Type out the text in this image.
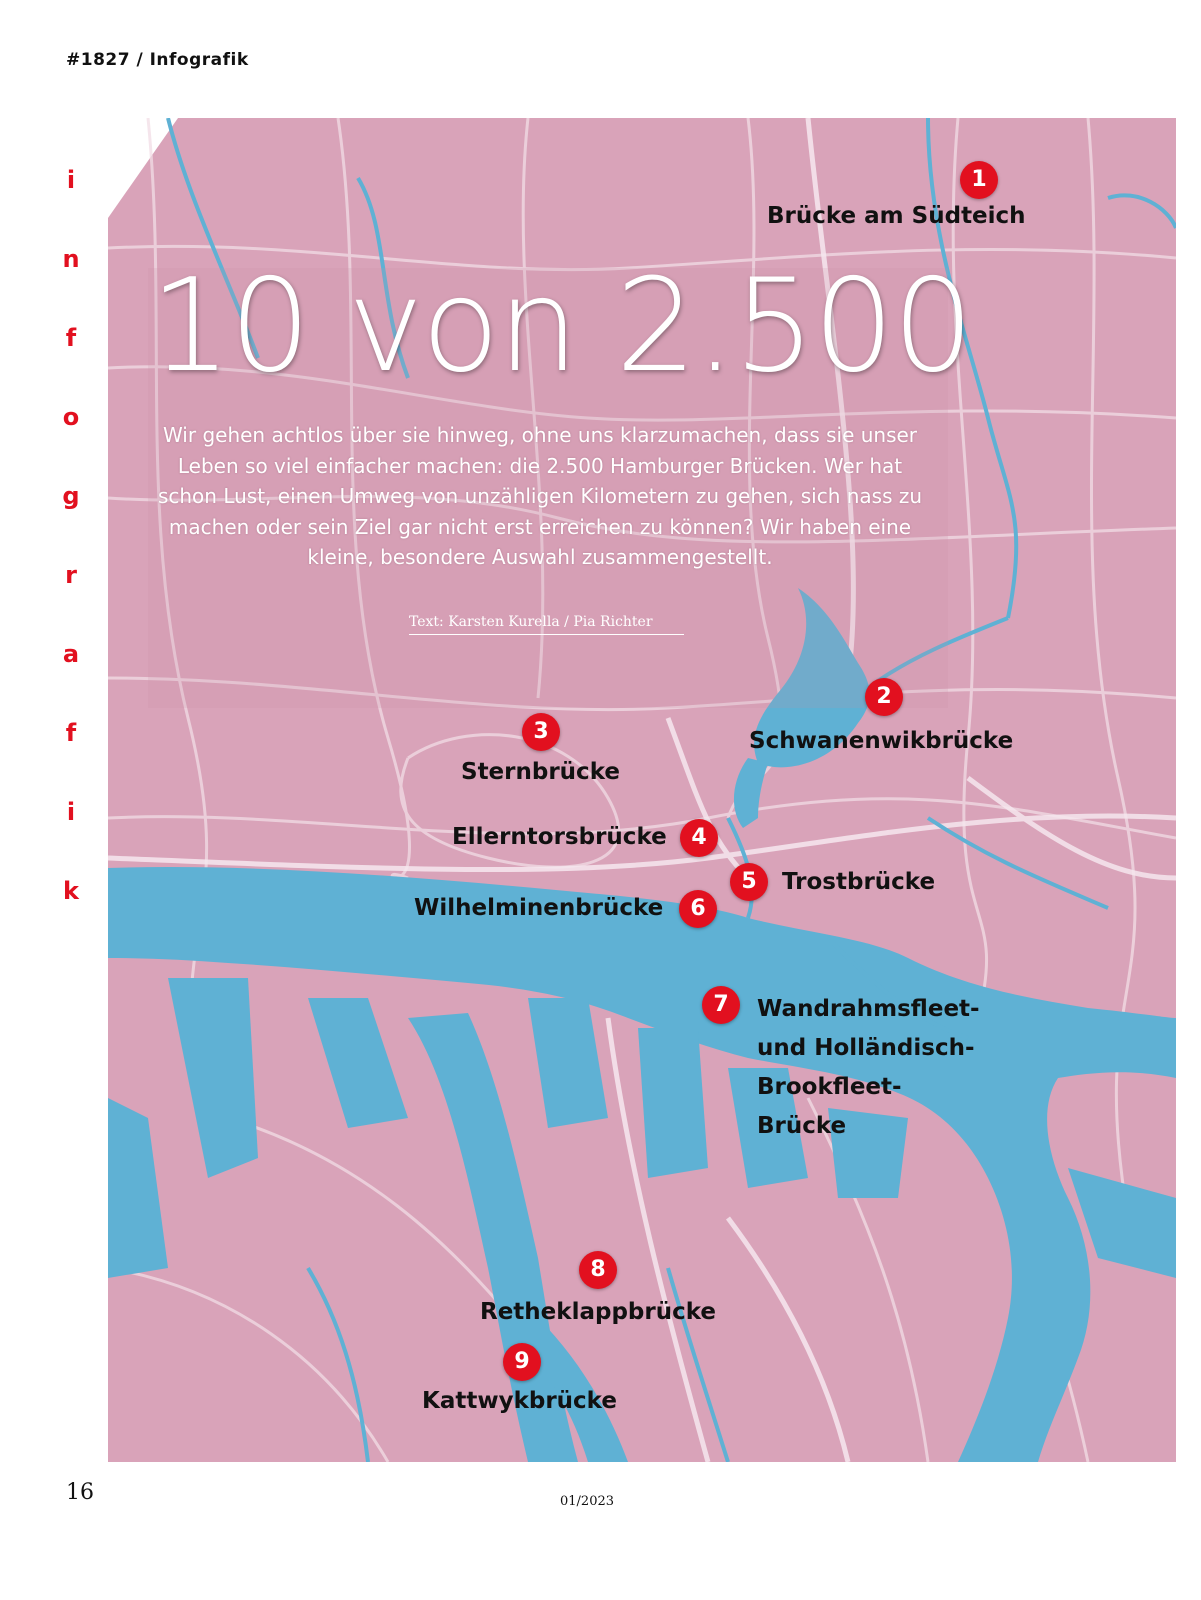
#1827 / Infografik
i
n
f
o
g
r
a
f
i
k
10 von 2.500
Wir gehen achtlos über sie hinweg, ohne uns klarzumachen, dass sie unser Leben so viel einfacher machen: die 2.500 Hamburger Brücken. Wer hat schon Lust, einen Umweg von unzähligen Kilometern zu gehen, sich nass zu machen oder sein Ziel gar nicht erst erreichen zu können? Wir haben eine kleine, besondere Auswahl zusammengestellt.
Text: Karsten Kurella / Pia Richter
1
Brücke am Südteich
2
Schwanenwikbrücke
3
Sternbrücke
4
Ellerntorsbrücke
5	Trostbrücke
6
Wilhelminenbrücke
7	Wandrahmsfleet-
und Holländisch-
Brookfleet-
Brücke
8
Retheklappbrücke
9
Kattwykbrücke
16	01/2023
